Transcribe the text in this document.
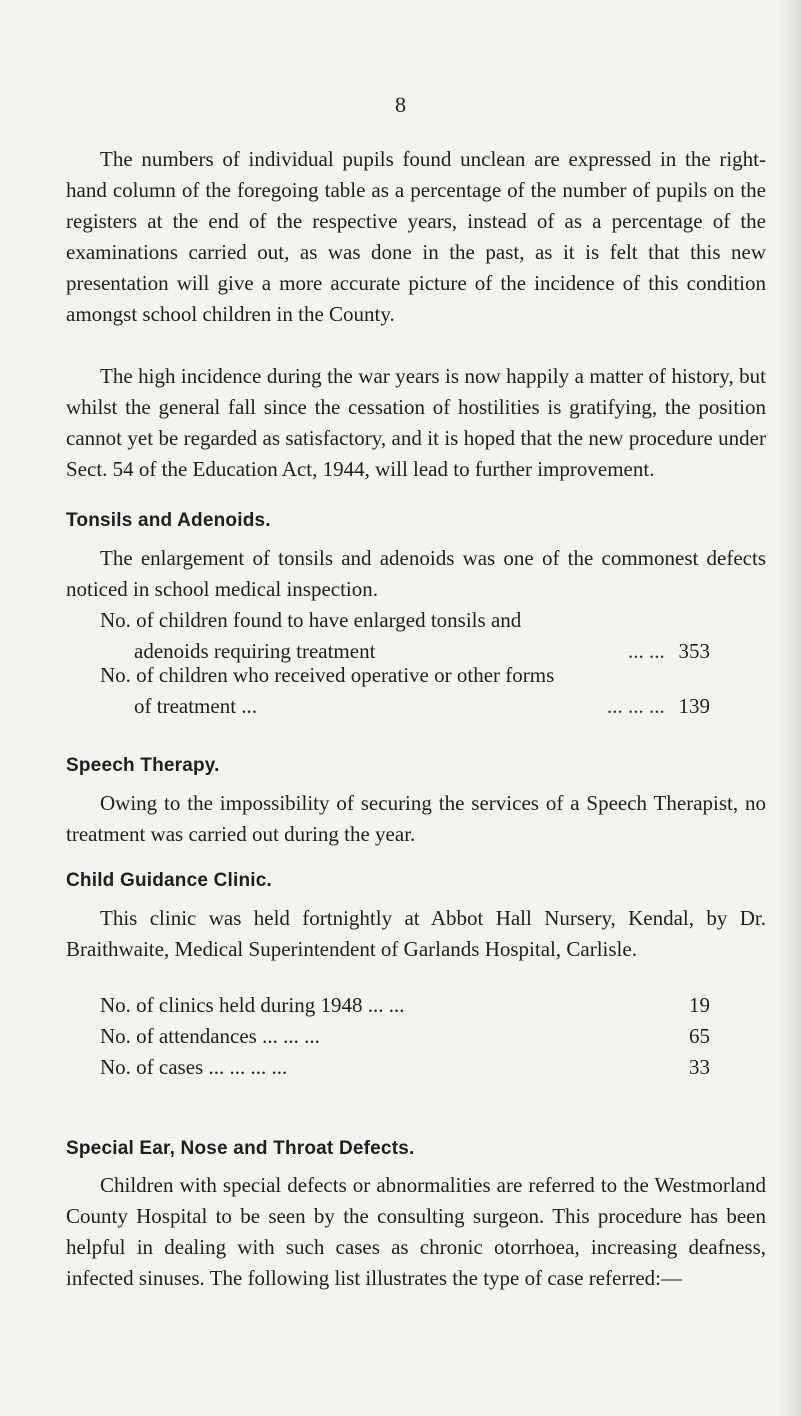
8

The numbers of individual pupils found unclean are expressed in the right-hand column of the foregoing table as a percentage of the number of pupils on the registers at the end of the respective years, instead of as a percentage of the examinations carried out, as was done in the past, as it is felt that this new presentation will give a more accurate picture of the incidence of this condition amongst school children in the County.

The high incidence during the war years is now happily a matter of history, but whilst the general fall since the cessation of hostilities is gratifying, the position cannot yet be regarded as satisfactory, and it is hoped that the new procedure under Sect. 54 of the Education Act, 1944, will lead to further improvement.

Tonsils and Adenoids.

The enlargement of tonsils and adenoids was one of the commonest defects noticed in school medical inspection.

No. of children found to have enlarged tonsils and
adenoids requiring treatment	... ... 353
No. of children who received operative or other forms
of treatment ...	... ... ... 139
Speech Therapy.

Owing to the impossibility of securing the services of a Speech Therapist, no treatment was carried out during the year.

Child Guidance Clinic.

This clinic was held fortnightly at Abbot Hall Nursery, Kendal, by Dr. Braithwaite, Medical Superintendent of Garlands Hospital, Carlisle.

No. of clinics held during 1948 ... ...	19
No. of attendances ... ... ...	65
No. of cases ... ... ... ...	33
Special Ear, Nose and Throat Defects.

Children with special defects or abnormalities are referred to the Westmorland County Hospital to be seen by the consulting surgeon. This procedure has been helpful in dealing with such cases as chronic otorrhoea, increasing deafness, infected sinuses. The following list illustrates the type of case referred:—
